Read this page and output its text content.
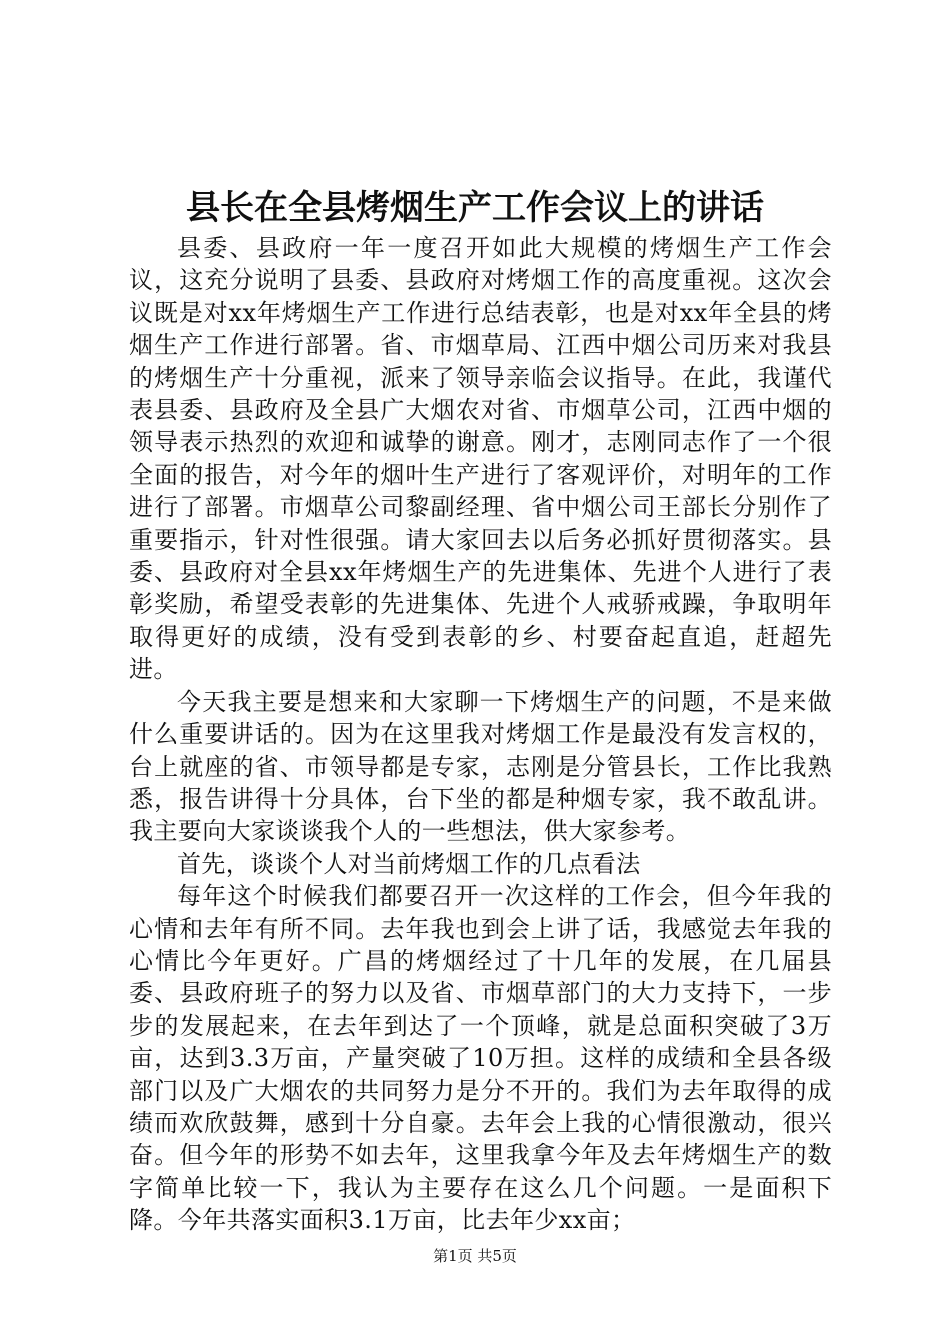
县长在全县烤烟生产工作会议上的讲话

县委、县政府一年一度召开如此大规模的烤烟生产工作会议，这充分说明了县委、县政府对烤烟工作的高度重视。这次会议既是对xx年烤烟生产工作进行总结表彰，也是对xx年全县的烤烟生产工作进行部署。省、市烟草局、江西中烟公司历来对我县的烤烟生产十分重视，派来了领导亲临会议指导。在此，我谨代表县委、县政府及全县广大烟农对省、市烟草公司，江西中烟的领导表示热烈的欢迎和诚挚的谢意。刚才，志刚同志作了一个很全面的报告，对今年的烟叶生产进行了客观评价，对明年的工作进行了部署。市烟草公司黎副经理、省中烟公司王部长分别作了重要指示，针对性很强。请大家回去以后务必抓好贯彻落实。县委、县政府对全县xx年烤烟生产的先进集体、先进个人进行了表彰奖励，希望受表彰的先进集体、先进个人戒骄戒躁，争取明年取得更好的成绩，没有受到表彰的乡、村要奋起直追，赶超先进。

今天我主要是想来和大家聊一下烤烟生产的问题，不是来做什么重要讲话的。因为在这里我对烤烟工作是最没有发言权的，台上就座的省、市领导都是专家，志刚是分管县长，工作比我熟悉，报告讲得十分具体，台下坐的都是种烟专家，我不敢乱讲。我主要向大家谈谈我个人的一些想法，供大家参考。

首先，谈谈个人对当前烤烟工作的几点看法

每年这个时候我们都要召开一次这样的工作会，但今年我的心情和去年有所不同。去年我也到会上讲了话，我感觉去年我的心情比今年更好。广昌的烤烟经过了十几年的发展，在几届县委、县政府班子的努力以及省、市烟草部门的大力支持下，一步步的发展起来，在去年到达了一个顶峰，就是总面积突破了3万亩，达到3.3万亩，产量突破了10万担。这样的成绩和全县各级部门以及广大烟农的共同努力是分不开的。我们为去年取得的成绩而欢欣鼓舞，感到十分自豪。去年会上我的心情很激动，很兴奋。但今年的形势不如去年，这里我拿今年及去年烤烟生产的数字简单比较一下，我认为主要存在这么几个问题。一是面积下降。今年共落实面积3.1万亩，比去年少xx亩；

第1页 共5页
